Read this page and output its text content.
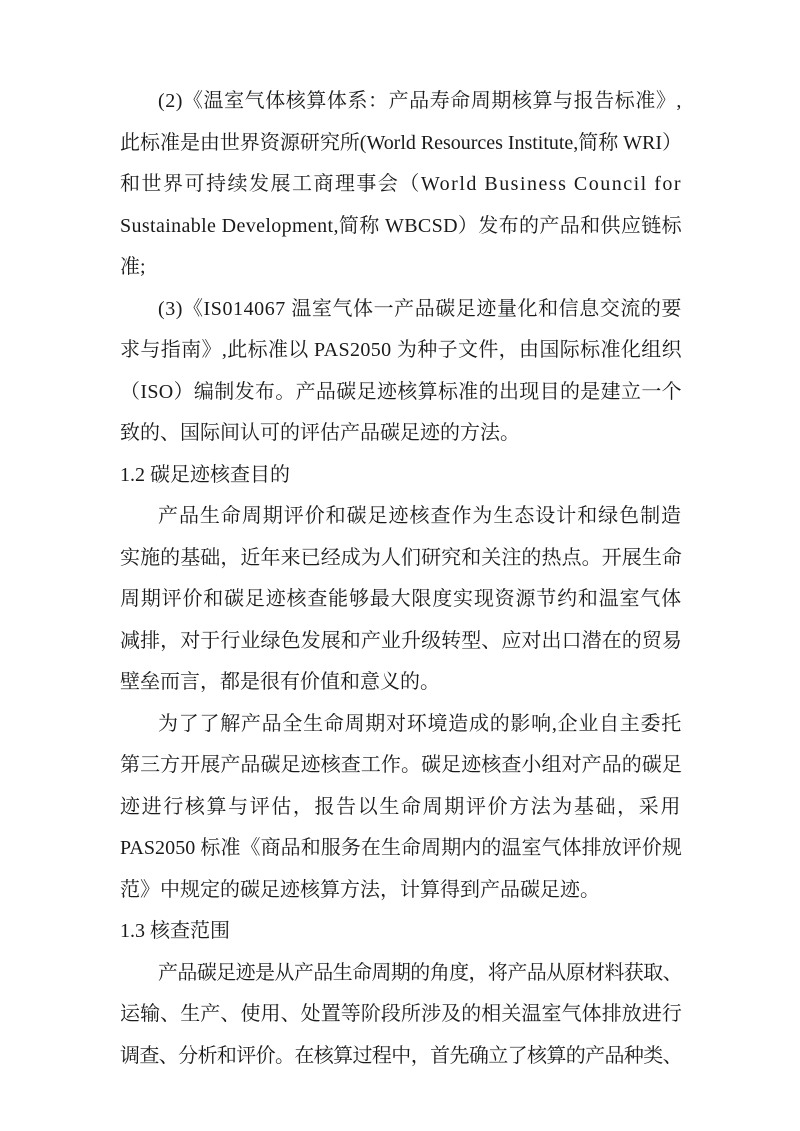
(2)《温室气体核算体系：产品寿命周期核算与报告标准》,
此标准是由世界资源研究所(World Resources Institute,简称 WRI）
和世界可持续发展工商理事会（World Business Council for
Sustainable Development,简称 WBCSD）发布的产品和供应链标
准;
(3)《IS014067 温室气体一产品碳足迹量化和信息交流的要
求与指南》,此标准以 PAS2050 为种子文件，由国际标准化组织
（ISO）编制发布。产品碳足迹核算标准的出现目的是建立一个
致的、国际间认可的评估产品碳足迹的方法。
1.2 碳足迹核查目的
产品生命周期评价和碳足迹核查作为生态设计和绿色制造
实施的基础，近年来已经成为人们研究和关注的热点。开展生命
周期评价和碳足迹核查能够最大限度实现资源节约和温室气体
减排，对于行业绿色发展和产业升级转型、应对出口潜在的贸易
壁垒而言，都是很有价值和意义的。
为了了解产品全生命周期对环境造成的影响,企业自主委托
第三方开展产品碳足迹核查工作。碳足迹核查小组对产品的碳足
迹进行核算与评估，报告以生命周期评价方法为基础，采用
PAS2050 标准《商品和服务在生命周期内的温室气体排放评价规
范》中规定的碳足迹核算方法，计算得到产品碳足迹。
1.3 核查范围
产品碳足迹是从产品生命周期的角度，将产品从原材料获取、
运输、生产、使用、处置等阶段所涉及的相关温室气体排放进行
调查、分析和评价。在核算过程中，首先确立了核算的产品种类、
